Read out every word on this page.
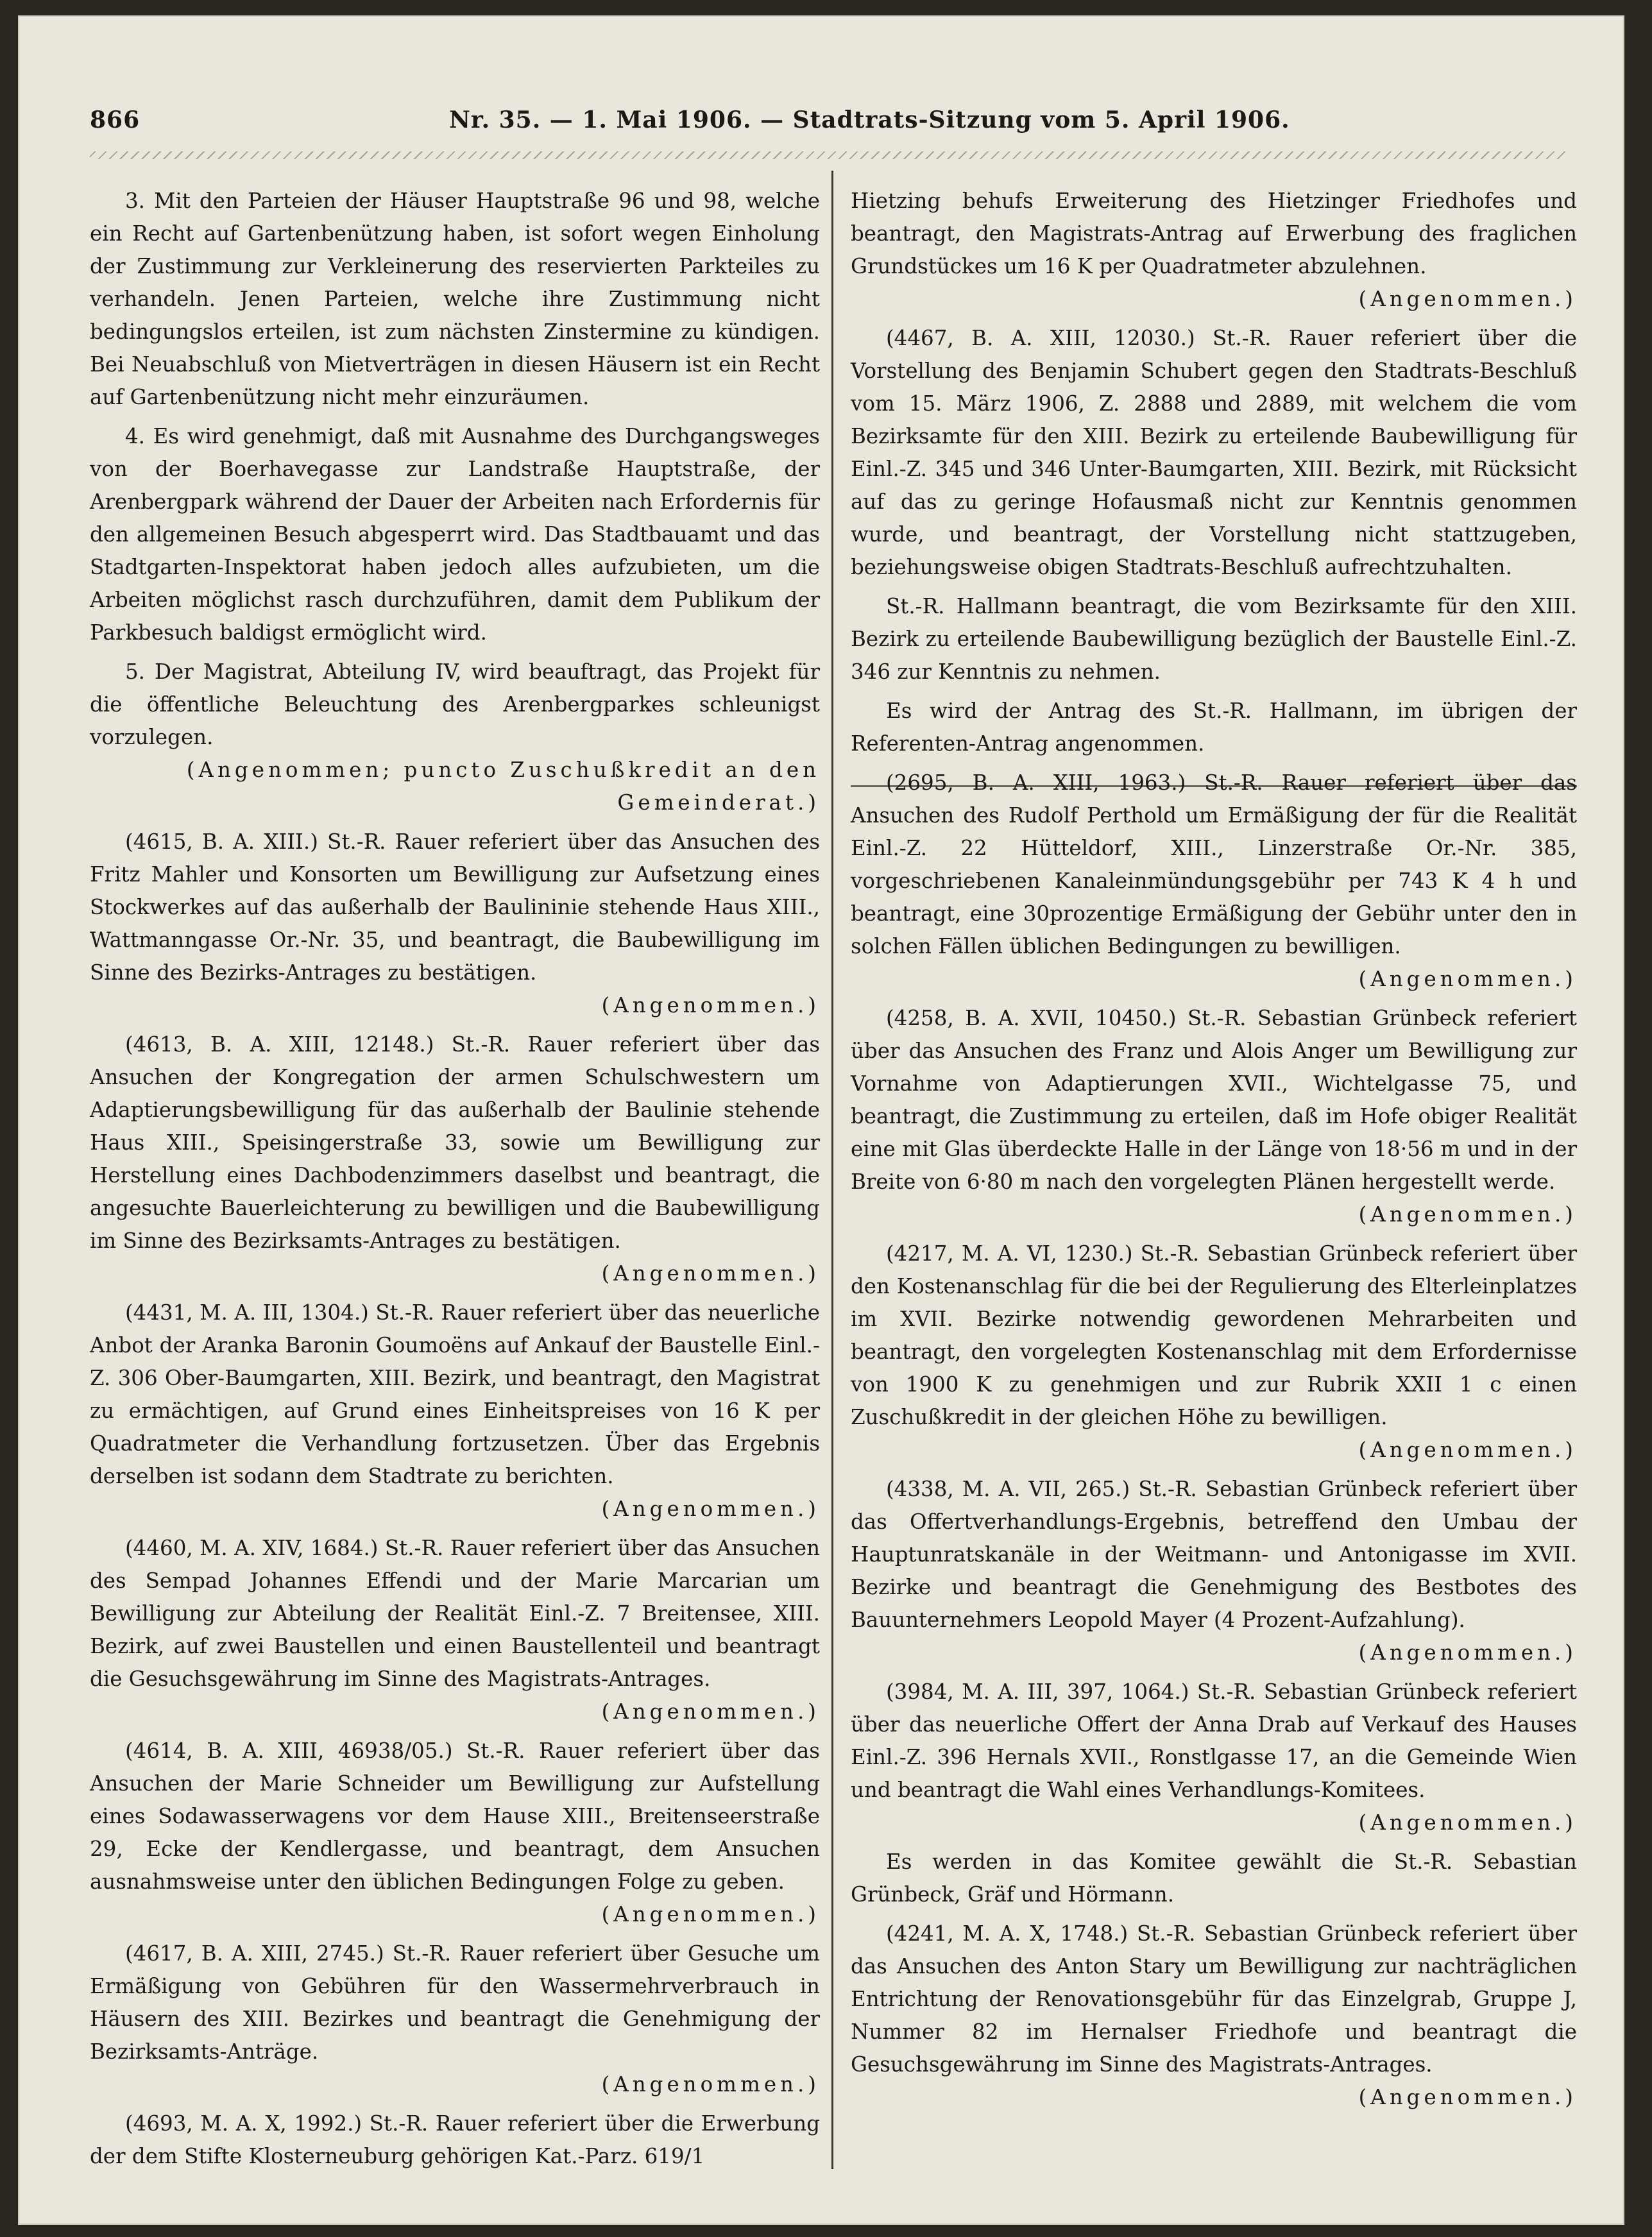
866	Nr. 35. — 1. Mai 1906. — Stadtrats-Sitzung vom 5. April 1906.

3. Mit den Parteien der Häuser Hauptstraße 96 und 98, welche ein Recht auf Gartenbenützung haben, ist sofort wegen Einholung der Zustimmung zur Verkleinerung des reservierten Parkteiles zu verhandeln. Jenen Parteien, welche ihre Zustimmung nicht bedingungslos erteilen, ist zum nächsten Zinstermine zu kündigen. Bei Neuabschluß von Mietverträgen in diesen Häusern ist ein Recht auf Gartenbenützung nicht mehr einzuräumen.

4. Es wird genehmigt, daß mit Ausnahme des Durchgangsweges von der Boerhavegasse zur Landstraße Hauptstraße, der Arenbergpark während der Dauer der Arbeiten nach Erfordernis für den allgemeinen Besuch abgesperrt wird. Das Stadtbauamt und das Stadtgarten-Inspektorat haben jedoch alles aufzubieten, um die Arbeiten möglichst rasch durchzuführen, damit dem Publikum der Parkbesuch baldigst ermöglicht wird.

5. Der Magistrat, Abteilung IV, wird beauftragt, das Projekt für die öffentliche Beleuchtung des Arenbergparkes schleunigst vorzulegen.
(Angenommen; puncto Zuschußkredit an den Gemeinderat.)

(4615, B. A. XIII.) St.-R. Rauer referiert über das Ansuchen des Fritz Mahler und Konsorten um Bewilligung zur Aufsetzung eines Stockwerkes auf das außerhalb der Baulininie stehende Haus XIII., Wattmanngasse Or.-Nr. 35, und beantragt, die Baubewilligung im Sinne des Bezirks-Antrages zu bestätigen.
(Angenommen.)

(4613, B. A. XIII, 12148.) St.-R. Rauer referiert über das Ansuchen der Kongregation der armen Schulschwestern um Adaptierungsbewilligung für das außerhalb der Baulinie stehende Haus XIII., Speisingerstraße 33, sowie um Bewilligung zur Herstellung eines Dachbodenzimmers daselbst und beantragt, die angesuchte Bauerleichterung zu bewilligen und die Baubewilligung im Sinne des Bezirksamts-Antrages zu bestätigen.
(Angenommen.)

(4431, M. A. III, 1304.) St.-R. Rauer referiert über das neuerliche Anbot der Aranka Baronin Goumoëns auf Ankauf der Baustelle Einl.-Z. 306 Ober-Baumgarten, XIII. Bezirk, und beantragt, den Magistrat zu ermächtigen, auf Grund eines Einheitspreises von 16 K per Quadratmeter die Verhandlung fortzusetzen. Über das Ergebnis derselben ist sodann dem Stadtrate zu berichten.
(Angenommen.)

(4460, M. A. XIV, 1684.) St.-R. Rauer referiert über das Ansuchen des Sempad Johannes Effendi und der Marie Marcarian um Bewilligung zur Abteilung der Realität Einl.-Z. 7 Breitensee, XIII. Bezirk, auf zwei Baustellen und einen Baustellenteil und beantragt die Gesuchsgewährung im Sinne des Magistrats-Antrages.
(Angenommen.)

(4614, B. A. XIII, 46938/05.) St.-R. Rauer referiert über das Ansuchen der Marie Schneider um Bewilligung zur Aufstellung eines Sodawasserwagens vor dem Hause XIII., Breitenseerstraße 29, Ecke der Kendlergasse, und beantragt, dem Ansuchen ausnahmsweise unter den üblichen Bedingungen Folge zu geben.
(Angenommen.)

(4617, B. A. XIII, 2745.) St.-R. Rauer referiert über Gesuche um Ermäßigung von Gebühren für den Wassermehrverbrauch in Häusern des XIII. Bezirkes und beantragt die Genehmigung der Bezirksamts-Anträge.
(Angenommen.)

(4693, M. A. X, 1992.) St.-R. Rauer referiert über die Erwerbung der dem Stifte Klosterneuburg gehörigen Kat.-Parz. 619/1

Hietzing behufs Erweiterung des Hietzinger Friedhofes und beantragt, den Magistrats-Antrag auf Erwerbung des fraglichen Grundstückes um 16 K per Quadratmeter abzulehnen.
(Angenommen.)

(4467, B. A. XIII, 12030.) St.-R. Rauer referiert über die Vorstellung des Benjamin Schubert gegen den Stadtrats-Beschluß vom 15. März 1906, Z. 2888 und 2889, mit welchem die vom Bezirksamte für den XIII. Bezirk zu erteilende Baubewilligung für Einl.-Z. 345 und 346 Unter-Baumgarten, XIII. Bezirk, mit Rücksicht auf das zu geringe Hofausmaß nicht zur Kenntnis genommen wurde, und beantragt, der Vorstellung nicht stattzugeben, beziehungsweise obigen Stadtrats-Beschluß aufrechtzuhalten.

St.-R. Hallmann beantragt, die vom Bezirksamte für den XIII. Bezirk zu erteilende Baubewilligung bezüglich der Baustelle Einl.-Z. 346 zur Kenntnis zu nehmen.

Es wird der Antrag des St.-R. Hallmann, im übrigen der Referenten-Antrag angenommen.

(2695, B. A. XIII, 1963.) St.-R. Rauer referiert über das Ansuchen des Rudolf Perthold um Ermäßigung der für die Realität Einl.-Z. 22 Hütteldorf, XIII., Linzerstraße Or.-Nr. 385, vorgeschriebenen Kanaleinmündungsgebühr per 743 K 4 h und beantragt, eine 30prozentige Ermäßigung der Gebühr unter den in solchen Fällen üblichen Bedingungen zu bewilligen.
(Angenommen.)

(4258, B. A. XVII, 10450.) St.-R. Sebastian Grünbeck referiert über das Ansuchen des Franz und Alois Anger um Bewilligung zur Vornahme von Adaptierungen XVII., Wichtelgasse 75, und beantragt, die Zustimmung zu erteilen, daß im Hofe obiger Realität eine mit Glas überdeckte Halle in der Länge von 18·56 m und in der Breite von 6·80 m nach den vorgelegten Plänen hergestellt werde.
(Angenommen.)

(4217, M. A. VI, 1230.) St.-R. Sebastian Grünbeck referiert über den Kostenanschlag für die bei der Regulierung des Elterleinplatzes im XVII. Bezirke notwendig gewordenen Mehrarbeiten und beantragt, den vorgelegten Kostenanschlag mit dem Erfordernisse von 1900 K zu genehmigen und zur Rubrik XXII 1 c einen Zuschußkredit in der gleichen Höhe zu bewilligen.
(Angenommen.)

(4338, M. A. VII, 265.) St.-R. Sebastian Grünbeck referiert über das Offertverhandlungs-Ergebnis, betreffend den Umbau der Hauptunratskanäle in der Weitmann- und Antonigasse im XVII. Bezirke und beantragt die Genehmigung des Bestbotes des Bauunternehmers Leopold Mayer (4 Prozent-Aufzahlung).
(Angenommen.)

(3984, M. A. III, 397, 1064.) St.-R. Sebastian Grünbeck referiert über das neuerliche Offert der Anna Drab auf Verkauf des Hauses Einl.-Z. 396 Hernals XVII., Ronstlgasse 17, an die Gemeinde Wien und beantragt die Wahl eines Verhandlungs-Komitees.
(Angenommen.)

Es werden in das Komitee gewählt die St.-R. Sebastian Grünbeck, Gräf und Hörmann.

(4241, M. A. X, 1748.) St.-R. Sebastian Grünbeck referiert über das Ansuchen des Anton Stary um Bewilligung zur nachträglichen Entrichtung der Renovationsgebühr für das Einzelgrab, Gruppe J, Nummer 82 im Hernalser Friedhofe und beantragt die Gesuchsgewährung im Sinne des Magistrats-Antrages.
(Angenommen.)
